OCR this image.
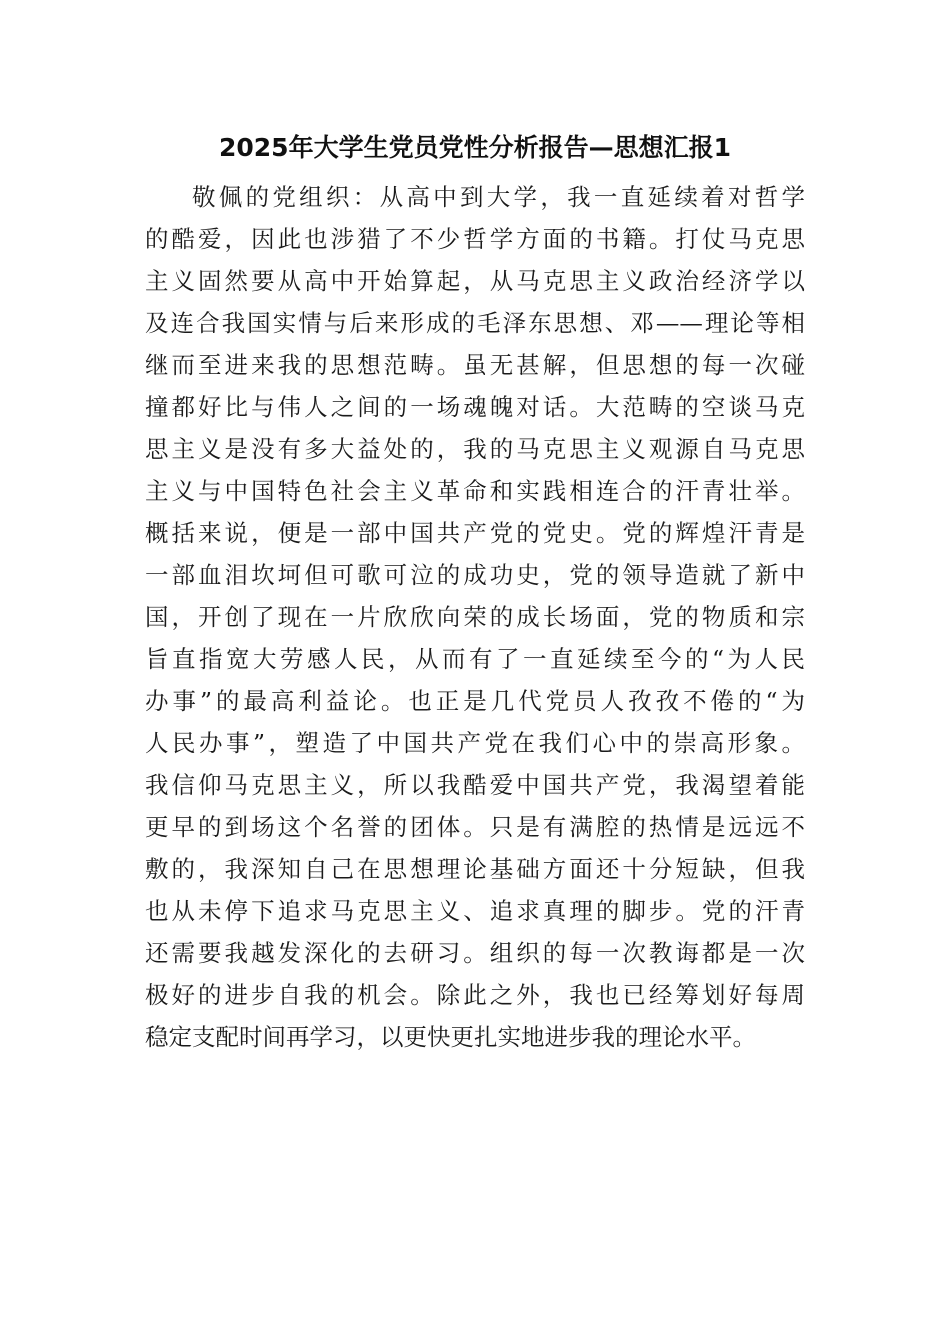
2025年大学生党员党性分析报告—思想汇报1
敬佩的党组织：从高中到大学，我一直延续着对哲学
的酷爱，因此也涉猎了不少哲学方面的书籍。打仗马克思
主义固然要从高中开始算起，从马克思主义政治经济学以
及连合我国实情与后来形成的毛泽东思想、邓——理论等相
继而至进来我的思想范畴。虽无甚解，但思想的每一次碰
撞都好比与伟人之间的一场魂魄对话。大范畴的空谈马克
思主义是没有多大益处的，我的马克思主义观源自马克思
主义与中国特色社会主义革命和实践相连合的汗青壮举。
概括来说，便是一部中国共产党的党史。党的辉煌汗青是
一部血泪坎坷但可歌可泣的成功史，党的领导造就了新中
国，开创了现在一片欣欣向荣的成长场面，党的物质和宗
旨直指宽大劳感人民，从而有了一直延续至今的“为人民
办事”的最高利益论。也正是几代党员人孜孜不倦的“为
人民办事”，塑造了中国共产党在我们心中的崇高形象。
我信仰马克思主义，所以我酷爱中国共产党，我渴望着能
更早的到场这个名誉的团体。只是有满腔的热情是远远不
敷的，我深知自己在思想理论基础方面还十分短缺，但我
也从未停下追求马克思主义、追求真理的脚步。党的汗青
还需要我越发深化的去研习。组织的每一次教诲都是一次
极好的进步自我的机会。除此之外，我也已经筹划好每周
稳定支配时间再学习，以更快更扎实地进步我的理论水平。
